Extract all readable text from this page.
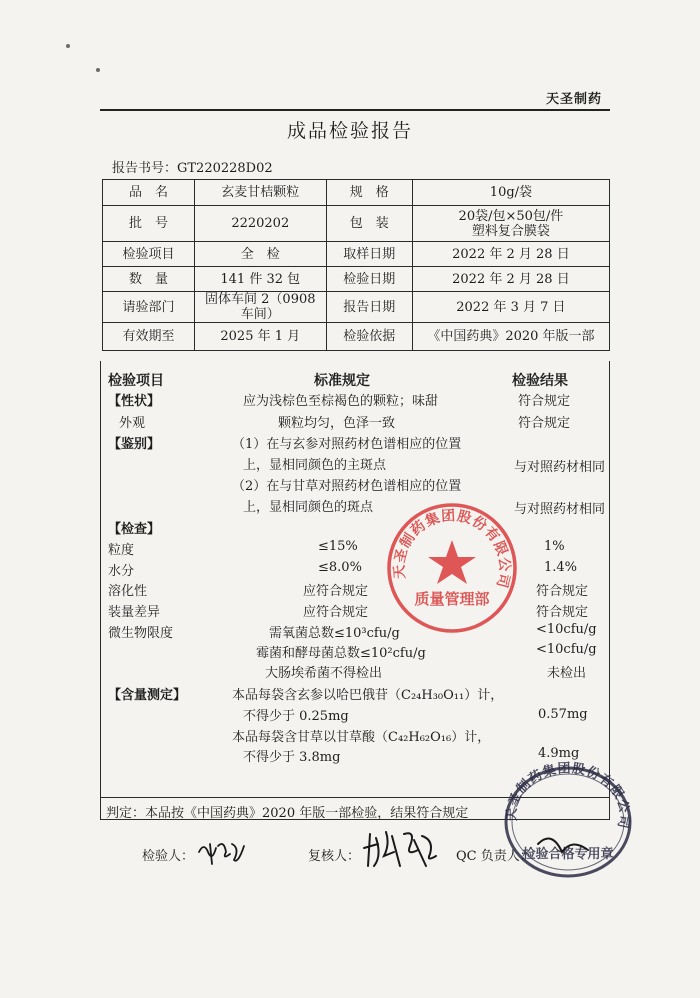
天圣制药
成品检验报告
报告书号：GT220228D02
品　名	玄麦甘桔颗粒	规　格	10g/袋
批　号	2220202	包　装	20袋/包×50包/件
塑料复合膜袋

检验项目	全　检	取样日期	2022 年 2 月 28 日
数　量	141 件 32 包	检验日期	2022 年 2 月 28 日
请验部门	固体车间 2（0908 车间）	报告日期	2022 年 3 月 7 日
有效期至	2025 年 1 月	检验依据	《中国药典》2020 年版一部
检验项目	标准规定	检验结果
【性状】	应为浅棕色至棕褐色的颗粒；味甜	符合规定
外观	颗粒均匀，色泽一致	符合规定
【鉴别】	（1）在与玄参对照药材色谱相应的位置
上，显相同颜色的主斑点	与对照药材相同
（2）在与甘草对照药材色谱相应的位置
上，显相同颜色的斑点	与对照药材相同
【检查】
粒度	≤15%	1%
水分	≤8.0%	1.4%
溶化性	应符合规定	符合规定
装量差异	应符合规定	符合规定
微生物限度	需氧菌总数≤10³cfu/g	<10cfu/g
霉菌和酵母菌总数≤10²cfu/g	<10cfu/g
大肠埃希菌不得检出	未检出
【含量测定】	本品每袋含玄参以哈巴俄苷（C₂₄H₃₀O₁₁）计，
不得少于 0.25mg	0.57mg
本品每袋含甘草以甘草酸（C₄₂H₆₂O₁₆）计，
不得少于 3.8mg	4.9mg
判定：本品按《中国药典》2020 年版一部检验，结果符合规定
检验人：	复核人：	QC 负责人：
天圣制药集团股份有限公司
质量管理部
天圣制药集团股份有限公司
检验合格专用章
